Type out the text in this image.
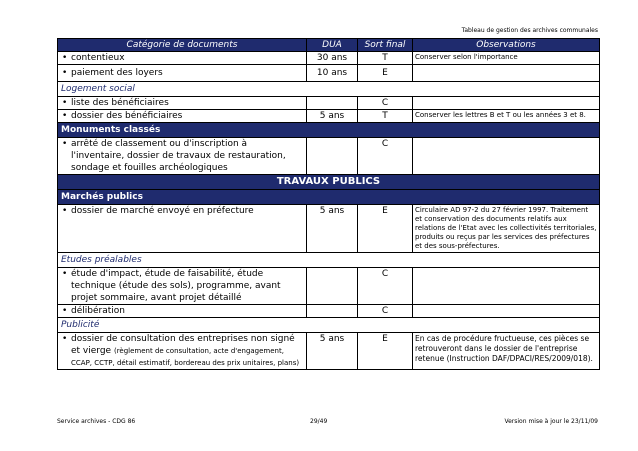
Tableau de gestion des archives communales
Catégorie de documents	DUA	Sort final	Observations

• contentieux	30 ans	T	Conserver selon l'importance

• paiement des loyers	10 ans	E	
Logement social			

• liste des bénéficiaires		C	

• dossier des bénéficiaires	5 ans	T	Conserver les lettres B et T ou les années 3 et 8.
Monuments classés			

• arrêté de classement ou d'inscription à l'inventaire, dossier de travaux de restauration, sondage et fouilles archéologiques		C	
TRAVAUX PUBLICS			
Marchés publics			

• dossier de marché envoyé en préfecture	5 ans	E	Circulaire AD 97-2 du 27 février 1997. Traitement et conservation des documents relatifs aux relations de l'Etat avec les collectivités territoriales, produits ou reçus par les services des préfectures et des sous-préfectures.
Etudes préalables			

• étude d'impact, étude de faisabilité, étude technique (étude des sols), programme, avant projet sommaire, avant projet détaillé		C	

• délibération		C	
Publicité			

• dossier de consultation des entreprises non signé et vierge (règlement de consultation, acte d'engagement, CCAP, CCTP, détail estimatif, bordereau des prix unitaires, plans)	5 ans	E	En cas de procédure fructueuse, ces pièces se retrouveront dans le dossier de l'entreprise retenue (Instruction DAF/DPACI/RES/2009/018).
Service archives - CDG 86	29/49	Version mise à jour le 23/11/09
